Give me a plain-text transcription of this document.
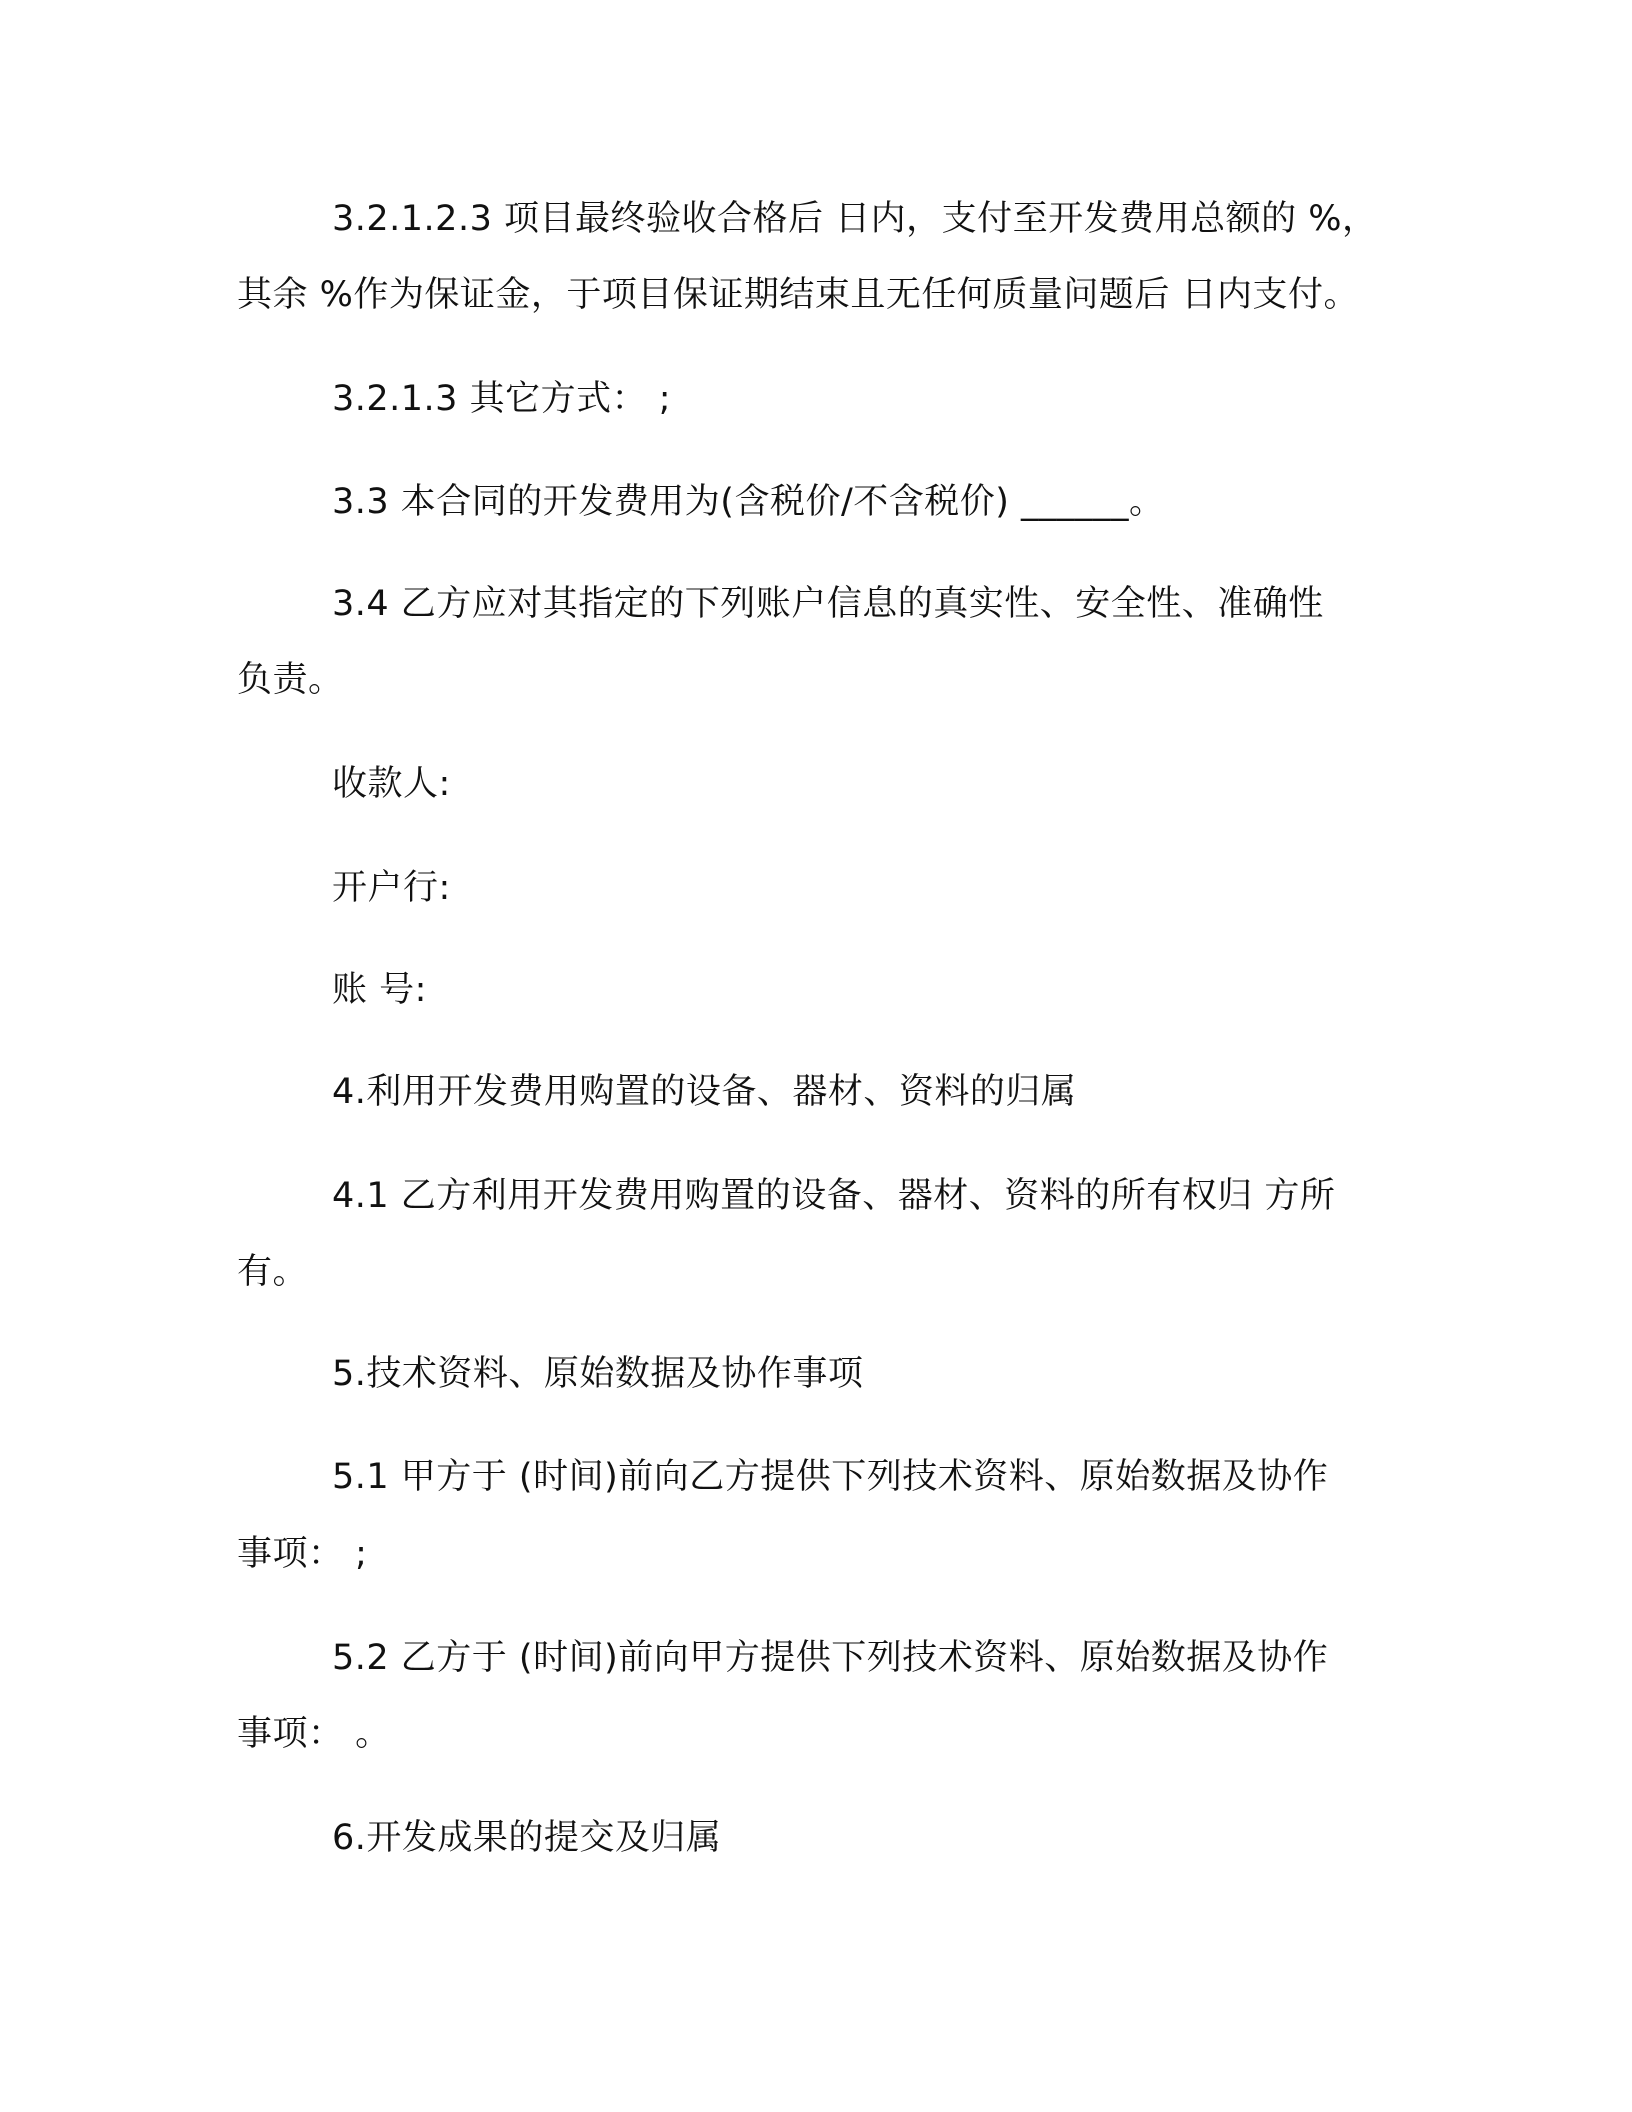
3.2.1.2.3 项目最终验收合格后 日内，支付至开发费用总额的 %，
其余 %作为保证金，于项目保证期结束且无任何质量问题后 日内支付。
3.2.1.3 其它方式： ;
3.3 本合同的开发费用为(含税价/不含税价) ______。
3.4 乙方应对其指定的下列账户信息的真实性、安全性、准确性
负责。
收款人:
开户行:
账 号:
4.利用开发费用购置的设备、器材、资料的归属
4.1 乙方利用开发费用购置的设备、器材、资料的所有权归 方所
有。
5.技术资料、原始数据及协作事项
5.1 甲方于 (时间)前向乙方提供下列技术资料、原始数据及协作
事项： ;
5.2 乙方于 (时间)前向甲方提供下列技术资料、原始数据及协作
事项： 。
6.开发成果的提交及归属
